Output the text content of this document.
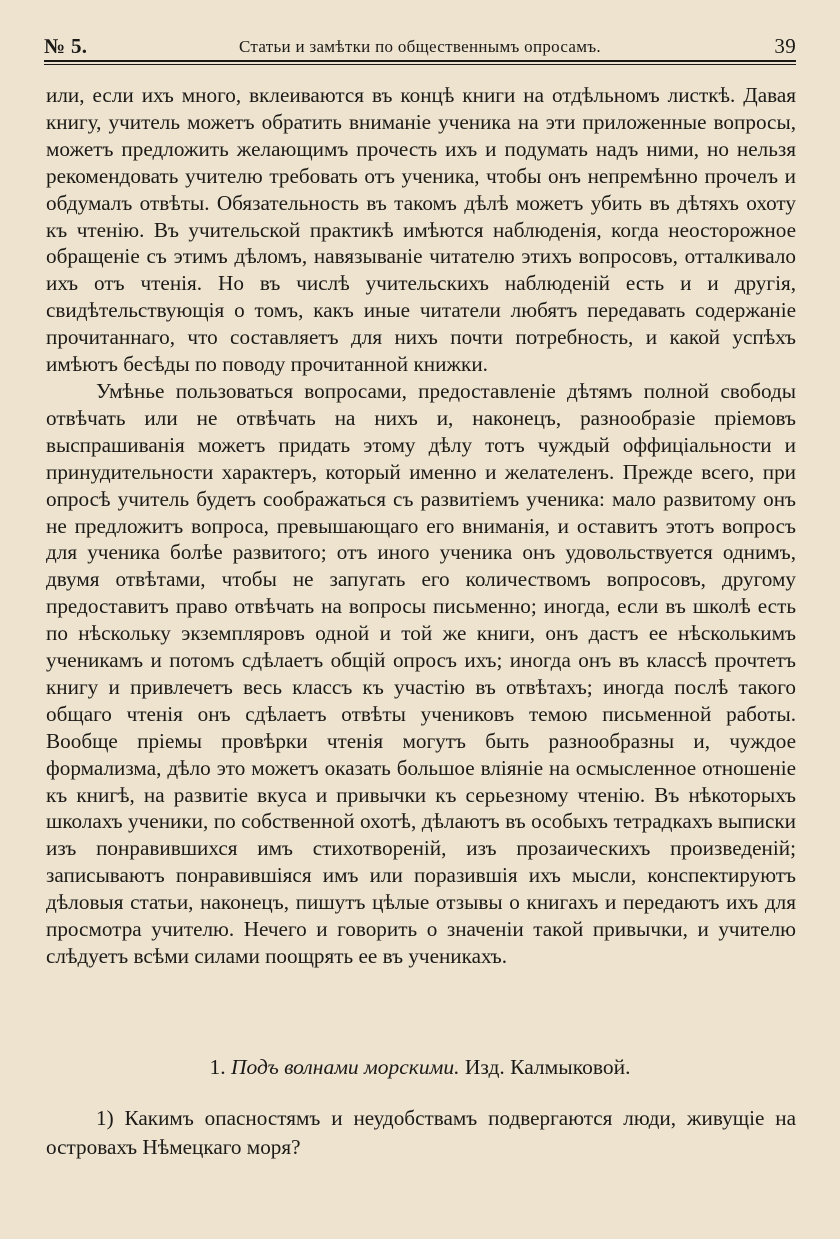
№ 5.	Статьи и замѣтки по общественнымъ опросамъ.	39

или, если ихъ много, вклеиваются въ концѣ книги на отдѣльномъ листкѣ. Давая книгу, учитель можетъ обратить вниманіе ученика на эти приложенные вопросы, можетъ предложить желающимъ прочесть ихъ и подумать надъ ними, но нельзя рекомендовать учителю требовать отъ ученика, чтобы онъ непремѣнно прочелъ и обдумалъ отвѣты. Обязательность въ такомъ дѣлѣ можетъ убить въ дѣтяхъ охоту къ чтенію. Въ учительской практикѣ имѣются наблюденія, когда неосторожное обращеніе съ этимъ дѣломъ, навязываніе читателю этихъ вопросовъ, отталкивало ихъ отъ чтенія. Но въ числѣ учительскихъ наблюденій есть и и другія, свидѣтельствующія о томъ, какъ иные читатели любятъ передавать содержаніе прочитаннаго, что составляетъ для нихъ почти потребность, и какой успѣхъ имѣютъ бесѣды по поводу прочитанной книжки.

Умѣнье пользоваться вопросами, предоставленіе дѣтямъ полной свободы отвѣчать или не отвѣчать на нихъ и, наконецъ, разнообразіе пріемовъ выспрашиванія можетъ придать этому дѣлу тотъ чуждый оффиціальности и принудительности характеръ, который именно и желателенъ. Прежде всего, при опросѣ учитель будетъ соображаться съ развитіемъ ученика: мало развитому онъ не предложитъ вопроса, превышающаго его вниманія, и оставитъ этотъ вопросъ для ученика болѣе развитого; отъ иного ученика онъ удовольствуется однимъ, двумя отвѣтами, чтобы не запугать его количествомъ вопросовъ, другому предоставитъ право отвѣчать на вопросы письменно; иногда, если въ школѣ есть по нѣскольку экземпляровъ одной и той же книги, онъ дастъ ее нѣсколькимъ ученикамъ и потомъ сдѣлаетъ общій опросъ ихъ; иногда онъ въ классѣ прочтетъ книгу и привлечетъ весь классъ къ участію въ отвѣтахъ; иногда послѣ такого общаго чтенія онъ сдѣлаетъ отвѣты учениковъ темою письменной работы. Вообще пріемы провѣрки чтенія могутъ быть разнообразны и, чуждое формализма, дѣло это можетъ оказать большое вліяніе на осмысленное отношеніе къ книгѣ, на развитіе вкуса и привычки къ серьезному чтенію. Въ нѣкоторыхъ школахъ ученики, по собственной охотѣ, дѣлаютъ въ особыхъ тетрадкахъ выписки изъ понравившихся имъ стихотвореній, изъ прозаическихъ произведеній; записываютъ понравившіяся имъ или поразившія ихъ мысли, конспектируютъ дѣловыя статьи, наконецъ, пишутъ цѣлые отзывы о книгахъ и передаютъ ихъ для просмотра учителю. Нечего и говорить о значеніи такой привычки, и учителю слѣдуетъ всѣми силами поощрять ее въ ученикахъ.

1. Подъ волнами морскими. Изд. Калмыковой.

1) Какимъ опасностямъ и неудобствамъ подвергаются люди, живущіе на островахъ Нѣмецкаго моря?
